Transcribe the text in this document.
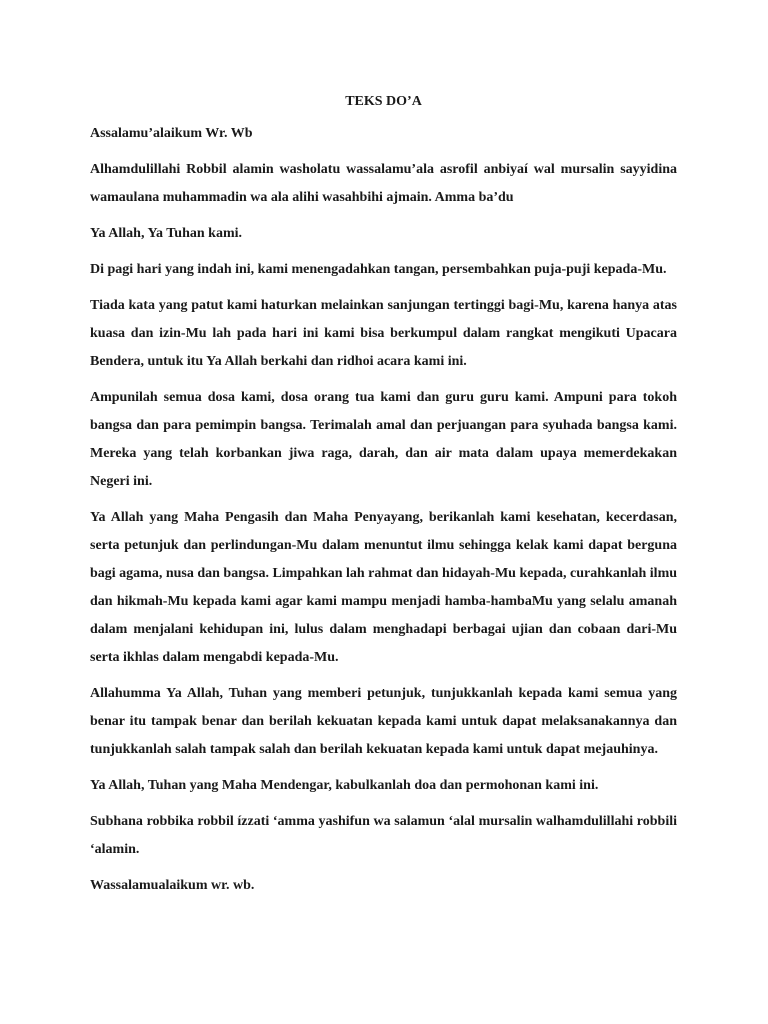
TEKS DO’A

Assalamu’alaikum Wr. Wb

Alhamdulillahi Robbil alamin washolatu wassalamu’ala asrofil anbiyaí wal mursalin sayyidina wamaulana muhammadin wa ala alihi wasahbihi ajmain. Amma ba’du

Ya Allah, Ya Tuhan kami.

Di pagi hari yang indah ini, kami menengadahkan tangan, persembahkan puja-puji kepada-Mu.

Tiada kata yang patut kami haturkan melainkan sanjungan tertinggi bagi-Mu, karena hanya atas kuasa dan izin-Mu lah pada hari ini kami bisa berkumpul dalam rangkat mengikuti Upacara Bendera, untuk itu Ya Allah berkahi dan ridhoi acara kami ini.

Ampunilah semua dosa kami, dosa orang tua kami dan guru guru kami. Ampuni para tokoh bangsa dan para pemimpin bangsa. Terimalah amal dan perjuangan para syuhada bangsa kami. Mereka yang telah korbankan jiwa raga, darah, dan air mata dalam upaya memerdekakan Negeri ini.

Ya Allah yang Maha Pengasih dan Maha Penyayang, berikanlah kami kesehatan, kecerdasan, serta petunjuk dan perlindungan-Mu dalam menuntut ilmu sehingga kelak kami dapat berguna bagi agama, nusa dan bangsa. Limpahkan lah rahmat dan hidayah-Mu kepada, curahkanlah ilmu dan hikmah-Mu kepada kami agar kami mampu menjadi hamba-hambaMu yang selalu amanah dalam menjalani kehidupan ini, lulus dalam menghadapi berbagai ujian dan cobaan dari-Mu serta ikhlas dalam mengabdi kepada-Mu.

Allahumma Ya Allah, Tuhan yang memberi petunjuk, tunjukkanlah kepada kami semua yang benar itu tampak benar dan berilah kekuatan kepada kami untuk dapat melaksanakannya dan tunjukkanlah salah tampak salah dan berilah kekuatan kepada kami untuk dapat mejauhinya.

Ya Allah, Tuhan yang Maha Mendengar, kabulkanlah doa dan permohonan kami ini.

Subhana robbika robbil ízzati ‘amma yashifun wa salamun ‘alal mursalin walhamdulillahi robbili ‘alamin.

Wassalamualaikum wr. wb.
